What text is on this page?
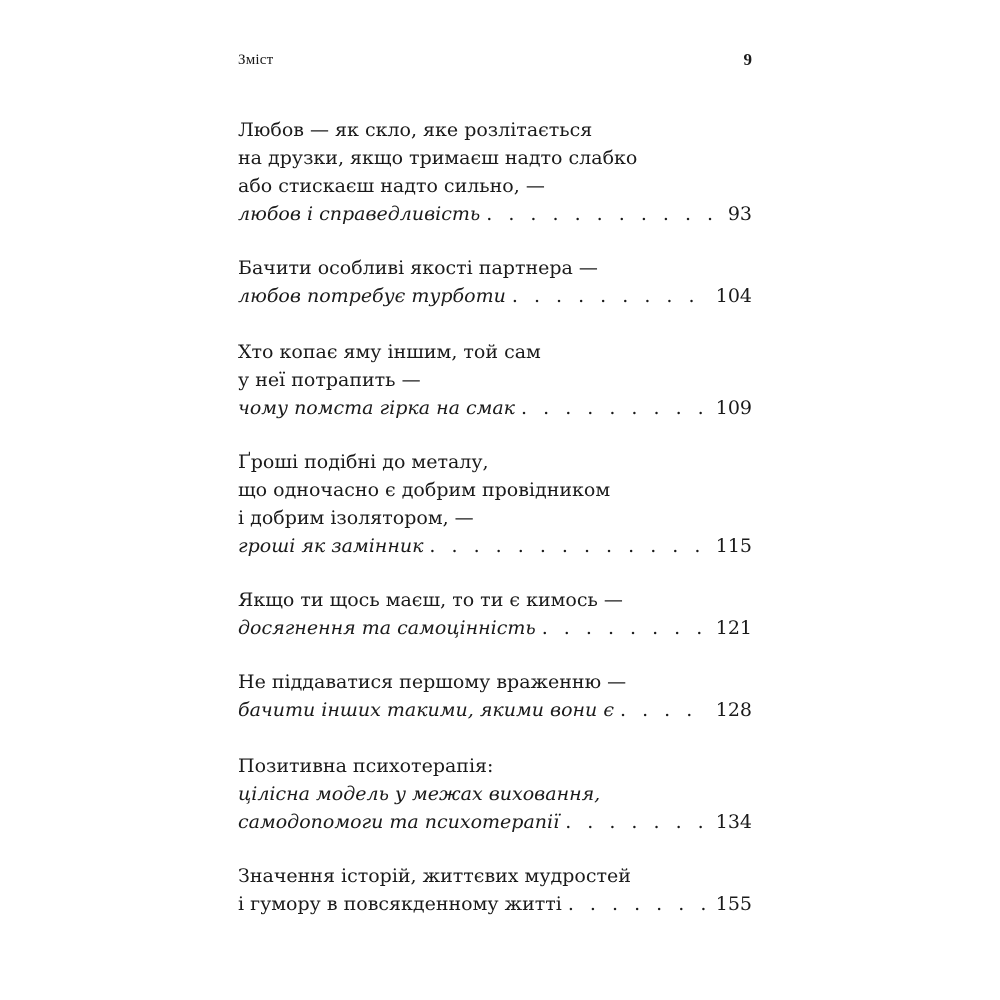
Зміст	9
Любов — як скло, яке розлітається
на друзки, якщо тримаєш надто слабко
або стискаєш надто сильно, —
любов і справедливість . . .	93
Бачити особливі якості партнера —
любов потребує турботи . . .	104
Хто копає яму іншим, той сам
у неї потрапить —
чому помста гірка на смак . . .	109
Ґроші подібні до металу,
що одночасно є добрим провідником
і добрим ізолятором, —
гроші як замінник . . .	115
Якщо ти щось маєш, то ти є кимось —
досягнення та самоцінність . . .	121
Не піддаватися першому враженню —
бачити інших такими, якими вони є . . .	128
Позитивна психотерапія:
цілісна модель у межах виховання,
самодопомоги та психотерапії . . .	134
Значення історій, життєвих мудростей
і гумору в повсякденному житті . . .	155
